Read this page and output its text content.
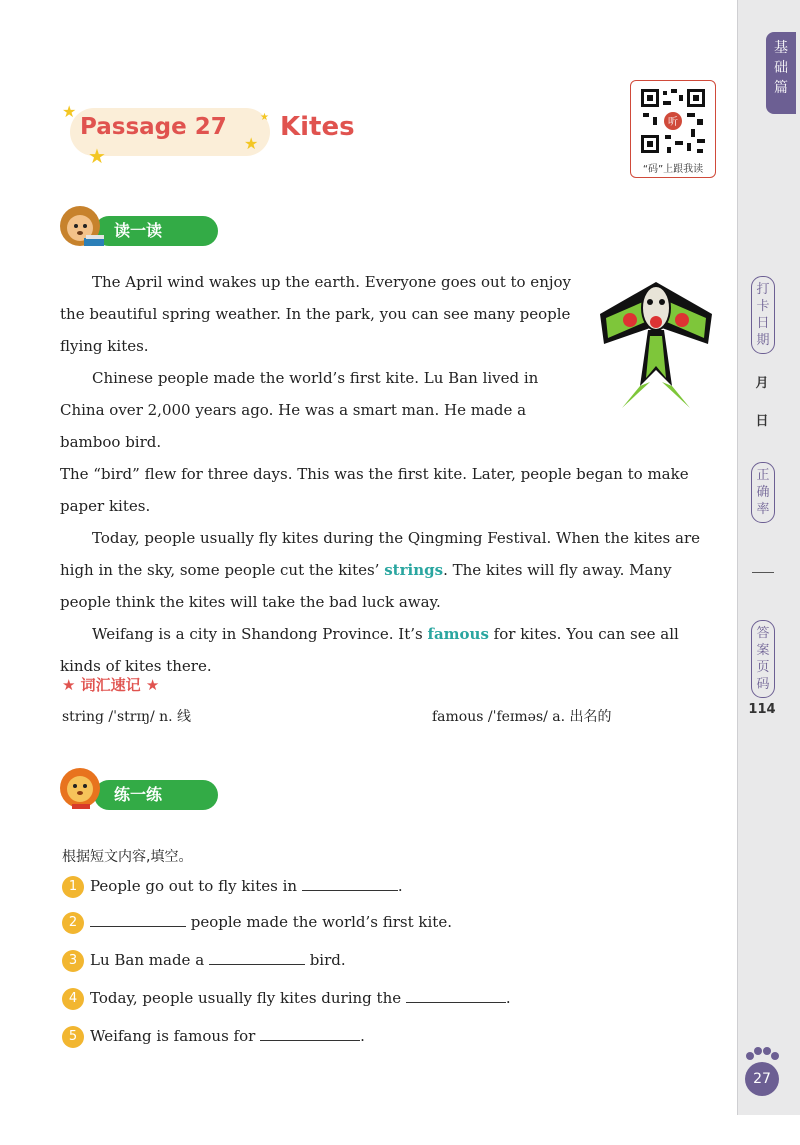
基础篇
打卡日期
月
日
正确率
答案页码
114
★
★
★
★
Passage 27 Kites	听
“码”上跟我读
读一读

The April wind wakes up the earth. Everyone goes out to enjoy the beautiful spring weather. In the park, you can see many people flying kites.

Chinese people made the world’s first kite. Lu Ban lived in China over 2,000 years ago. He was a smart man. He made a bamboo bird.

The “bird” flew for three days. This was the first kite. Later, people began to make paper kites.

Today, people usually fly kites during the Qingming Festival. When the kites are high in the sky, some people cut the kites’ strings. The kites will fly away. Many people think the kites will take the bad luck away.

Weifang is a city in Shandong Province. It’s famous for kites. You can see all kinds of kites there.

★ 词汇速记 ★
string /ˈstrɪŋ/ n. 线	famous /ˈfeɪməs/ a. 出名的
练一练
根据短文内容,填空。
1 People go out to fly kites in	.
2	people made the world’s first kite.
3 Lu Ban made a	bird.
4 Today, people usually fly kites during the	.
5 Weifang is famous for	.
27
